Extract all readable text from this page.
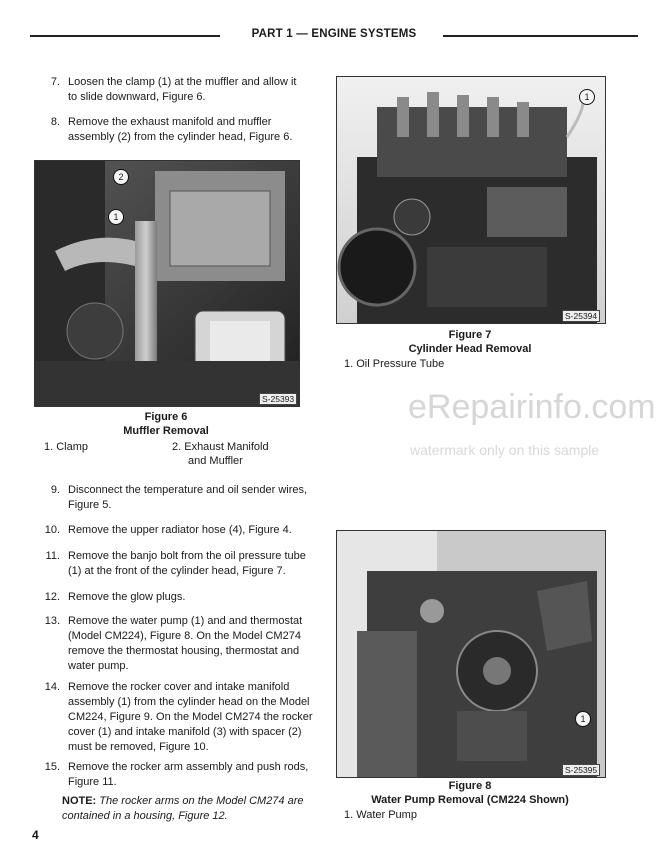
PART 1 — ENGINE SYSTEMS
7. Loosen the clamp (1) at the muffler and allow it
to slide downward, Figure 6.
8. Remove the exhaust manifold and muffler
assembly (2) from the cylinder head, Figure 6.
2
1
S-25393
Figure 6
Muffler Removal
1. Clamp	2. Exhaust Manifold
and Muffler
9. Disconnect the temperature and oil sender wires,
Figure 5.
10. Remove the upper radiator hose (4), Figure 4.
11. Remove the banjo bolt from the oil pressure tube
(1) at the front of the cylinder head, Figure 7.
12. Remove the glow plugs.
13. Remove the water pump (1) and and thermostat
(Model CM224), Figure 8. On the Model CM274
remove the thermostat housing, thermostat and
water pump.
14. Remove the rocker cover and intake manifold
assembly (1) from the cylinder head on the Model
CM224, Figure 9. On the Model CM274 the rocker
cover (1) and intake manifold (3) with spacer (2)
must be removed, Figure 10.
15. Remove the rocker arm assembly and push rods,
Figure 11.
NOTE: The rocker arms on the Model CM274 are
contained in a housing, Figure 12.
1
S-25394
Figure 7
Cylinder Head Removal
1. Oil Pressure Tube
eRepairinfo.com
watermark only on this sample
1
S-25395
Figure 8
Water Pump Removal (CM224 Shown)
1. Water Pump
4
